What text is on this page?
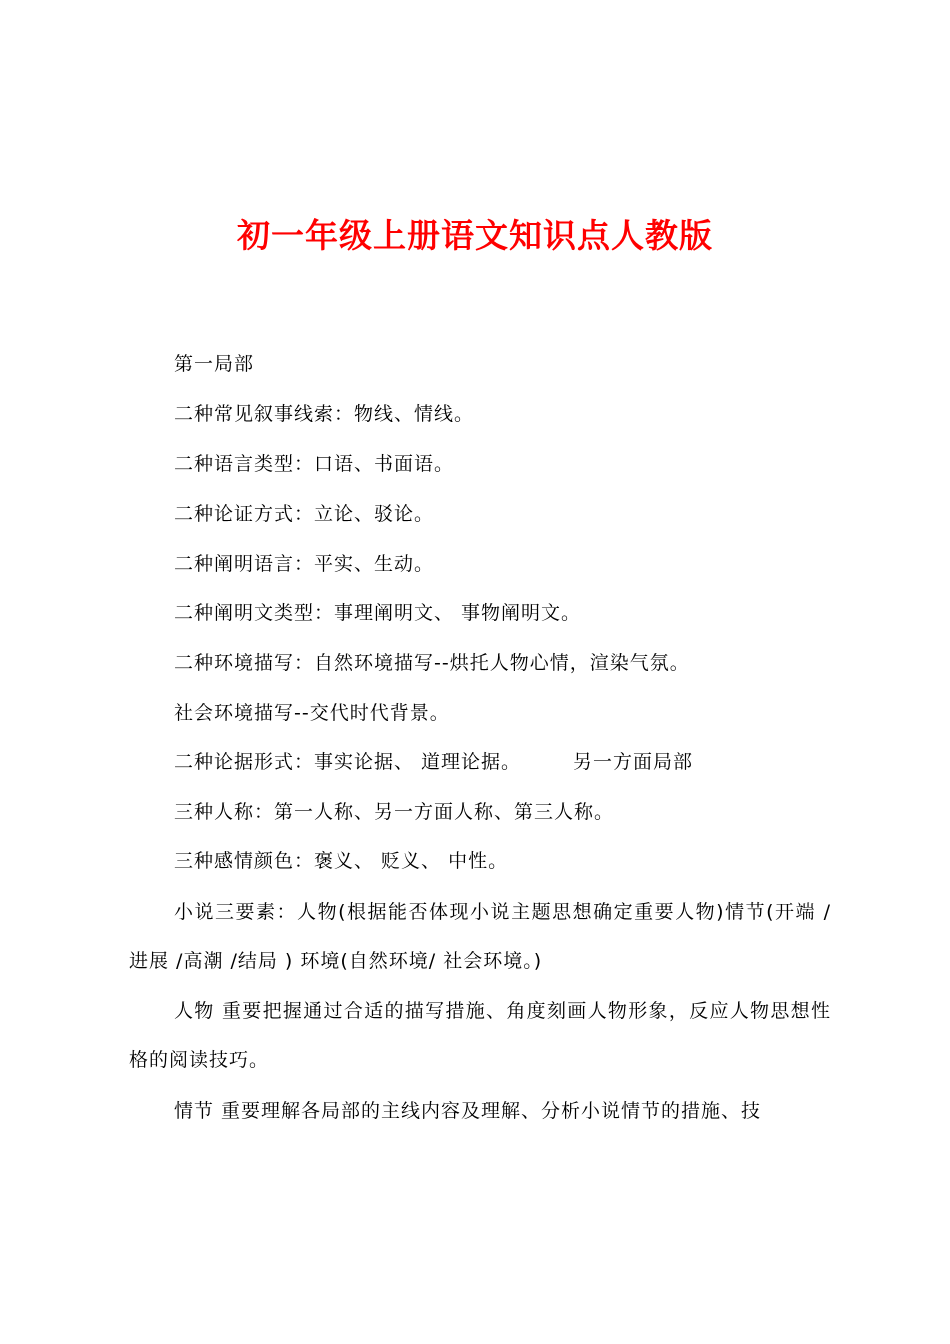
初一年级上册语文知识点人教版
第一局部
二种常见叙事线索：物线、情线。
二种语言类型：口语、书面语。
二种论证方式：立论、驳论。
二种阐明语言：平实、生动。
二种阐明文类型：事理阐明文、 事物阐明文。
二种环境描写：自然环境描写--烘托人物心情，渲染气氛。
社会环境描写--交代时代背景。
二种论据形式：事实论据、 道理论据。	另一方面局部
三种人称：第一人称、另一方面人称、第三人称。
三种感情颜色：褒义、 贬义、 中性。
小说三要素：人物(根据能否体现小说主题思想确定重要人物)情节(开端 /进展 /高潮 /结局 ) 环境(自然环境/ 社会环境。)
人物 重要把握通过合适的描写措施、角度刻画人物形象，反应人物思想性格的阅读技巧。
情节 重要理解各局部的主线内容及理解、分析小说情节的措施、技
